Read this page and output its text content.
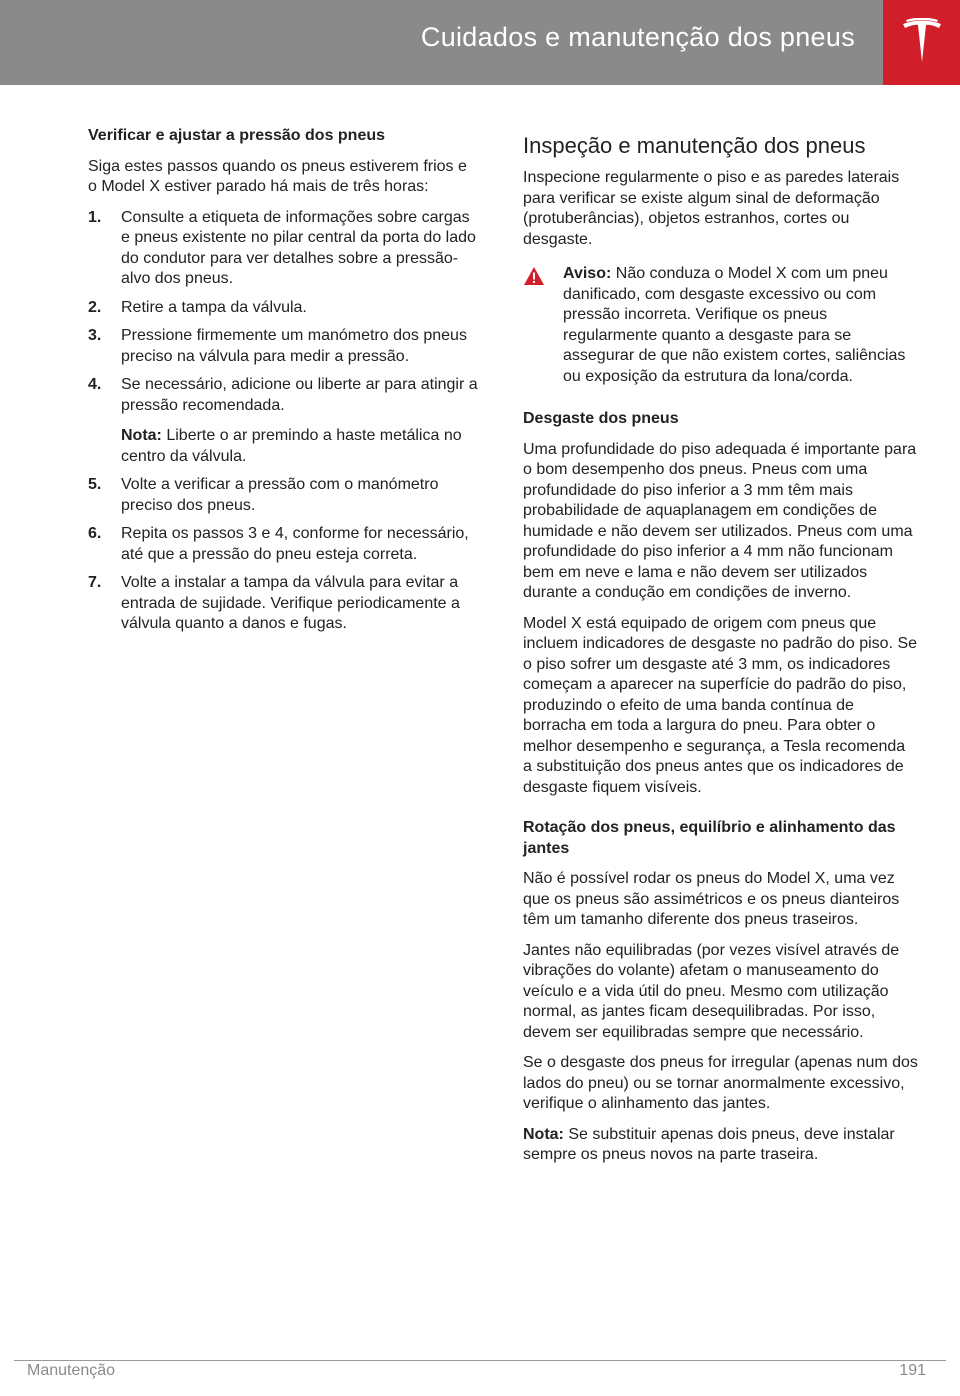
Cuidados e manutenção dos pneus
Verificar e ajustar a pressão dos pneus

Siga estes passos quando os pneus estiverem frios e o Model X estiver parado há mais de três horas:

1.	Consulte a etiqueta de informações sobre cargas e pneus existente no pilar central da porta do lado do condutor para ver detalhes sobre a pressão-alvo dos pneus.
2.	Retire a tampa da válvula.
3.	Pressione firmemente um manómetro dos pneus preciso na válvula para medir a pressão.
4.	Se necessário, adicione ou liberte ar para atingir a pressão recomendada.
Nota: Liberte o ar premindo a haste metálica no centro da válvula.
5.	Volte a verificar a pressão com o manómetro preciso dos pneus.
6.	Repita os passos 3 e 4, conforme for necessário, até que a pressão do pneu esteja correta.
7.	Volte a instalar a tampa da válvula para evitar a entrada de sujidade. Verifique periodicamente a válvula quanto a danos e fugas.
Inspeção e manutenção dos pneus

Inspecione regularmente o piso e as paredes laterais para verificar se existe algum sinal de deformação (protuberâncias), objetos estranhos, cortes ou desgaste.

Aviso: Não conduza o Model X com um pneu danificado, com desgaste excessivo ou com pressão incorreta. Verifique os pneus regularmente quanto a desgaste para se assegurar de que não existem cortes, saliências ou exposição da estrutura da lona/corda.
Desgaste dos pneus

Uma profundidade do piso adequada é importante para o bom desempenho dos pneus. Pneus com uma profundidade do piso inferior a 3 mm têm mais probabilidade de aquaplanagem em condições de humidade e não devem ser utilizados. Pneus com uma profundidade do piso inferior a 4 mm não funcionam bem em neve e lama e não devem ser utilizados durante a condução em condições de inverno.

Model X está equipado de origem com pneus que incluem indicadores de desgaste no padrão do piso. Se o piso sofrer um desgaste até 3 mm, os indicadores começam a aparecer na superfície do padrão do piso, produzindo o efeito de uma banda contínua de borracha em toda a largura do pneu. Para obter o melhor desempenho e segurança, a Tesla recomenda a substituição dos pneus antes que os indicadores de desgaste fiquem visíveis.

Rotação dos pneus, equilíbrio e alinhamento das jantes

Não é possível rodar os pneus do Model X, uma vez que os pneus são assimétricos e os pneus dianteiros têm um tamanho diferente dos pneus traseiros.

Jantes não equilibradas (por vezes visível através de vibrações do volante) afetam o manuseamento do veículo e a vida útil do pneu. Mesmo com utilização normal, as jantes ficam desequilibradas. Por isso, devem ser equilibradas sempre que necessário.

Se o desgaste dos pneus for irregular (apenas num dos lados do pneu) ou se tornar anormalmente excessivo, verifique o alinhamento das jantes.

Nota: Se substituir apenas dois pneus, deve instalar sempre os pneus novos na parte traseira.

Manutenção	191
